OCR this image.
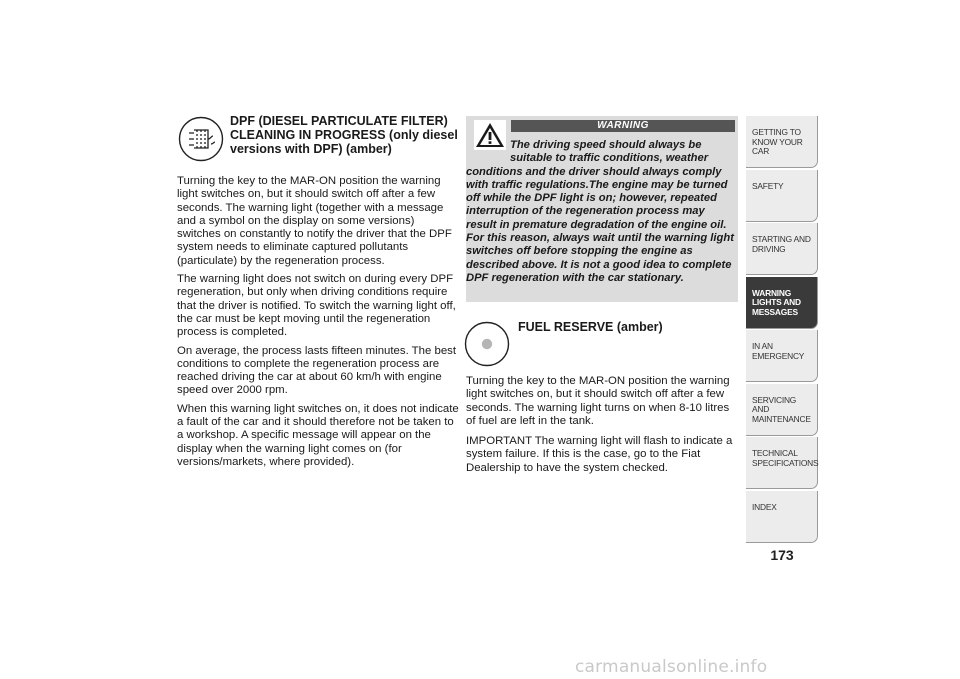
DPF (DIESEL PARTICULATE FILTER) CLEANING IN PROGRESS (only diesel versions with DPF) (amber)

Turning the key to the MAR-ON position the warning light switches on, but it should switch off after a few seconds. The warning light (together with a message and a symbol on the display on some versions) switches on constantly to notify the driver that the DPF system needs to eliminate captured pollutants (particulate) by the regeneration process.

The warning light does not switch on during every DPF regeneration, but only when driving conditions require that the driver is notified. To switch the warning light off, the car must be kept moving until the regeneration process is completed.

On average, the process lasts fifteen minutes. The best conditions to complete the regeneration process are reached driving the car at about 60 km/h with engine speed over 2000 rpm.

When this warning light switches on, it does not indicate a fault of the car and it should therefore not be taken to a workshop. A specific message will appear on the display when the warning light comes on (for versions/markets, where provided).

WARNING

The driving speed should always be suitable to traffic conditions, weather
conditions and the driver should always comply with traffic regulations.The engine may be turned off while the DPF light is on; however, repeated interruption of the regeneration process may result in premature degradation of the engine oil. For this reason, always wait until the warning light switches off before stopping the engine as described above. It is not a good idea to complete DPF regeneration with the car stationary.

FUEL RESERVE (amber)

Turning the key to the MAR-ON position the warning light switches on, but it should switch off after a few seconds. The warning light turns on when 8-10 litres of fuel are left in the tank.

IMPORTANT The warning light will flash to indicate a system failure. If this is the case, go to the Fiat Dealership to have the system checked.

GETTING TO KNOW YOUR CAR
SAFETY
STARTING AND DRIVING
WARNING LIGHTS AND MESSAGES
IN AN EMERGENCY
SERVICING AND MAINTENANCE
TECHNICAL SPECIFICATIONS
INDEX
173
carmanualsonline.info
